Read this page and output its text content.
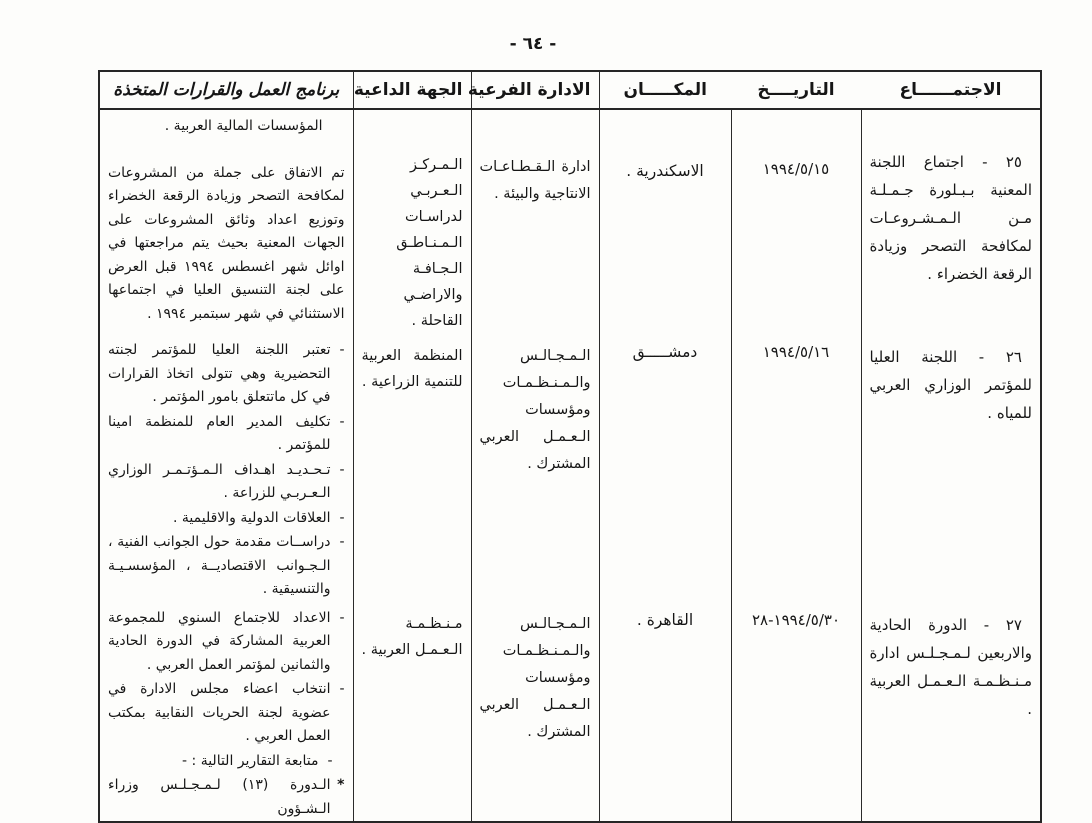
- ٦٤ -
الاجتمــــــاع	التاريــــخ	المكـــــان	الادارة الفرعية	الجهة الداعية	برنامج العمل والقرارات المتخذة

٢٥ - اجتماع اللجنة المعنية بـبـلورة جـمـلـة مـن الـمـشـروعـات لمكافحة التصحر وزيادة الرقعة الخضراء .	١٩٩٤/٥/١٥	الاسكندرية .	ادارة الـقـطـاعـات الانتاجية والبيئة .	الـمـركـز الـعـربـي لدراسـات الـمـنـاطـق الـجـافـة والاراضـي القاحلة .	المؤسسات المالية العربية .
تم الاتفاق على جملة من المشروعات لمكافحة التصحر وزيادة الرقعة الخضراء وتوزيع اعداد وثائق المشروعات على الجهات المعنية بحيث يتم مراجعتها في اوائل شهر اغسطس ١٩٩٤ قبل العرض على لجنة التنسيق العليا في اجتماعها الاستثنائي في شهر سبتمبر ١٩٩٤ .

٢٦ - اللجنة العليا للمؤتمر الوزاري العربي للمياه .

١٩٩٤/٥/١٦

دمشـــــق

الـمـجـالـس والـمـنـظـمـات ومؤسسات الـعـمـل العربي المشترك .

المنظمة العربية للتنمية الزراعية .

-
تعتبر اللجنة العليا للمؤتمر لجنته التحضيرية وهي تتولى اتخاذ القرارات في كل ماتتعلق بامور المؤتمر .
-
تكليف المدير العام للمنظمة امينا للمؤتمر .
-
تـحـديـد اهـداف الـمـؤتـمـر الوزاري الـعـربـي للزراعة .
-
العلاقات الدولية والاقليمية .
-
دراســات مقدمة حول الجوانب الفنية ، الـجـوانب الاقتصاديــة ، المؤسسـيـة والتنسيقية .

٢٧ - الدورة الحادية والاربعين لـمـجـلـس ادارة مـنـظـمـة الـعـمـل العربية .

١٩٩٤/٥/٣٠-٢٨

القاهرة .

الـمـجـالـس والـمـنـظـمـات ومؤسسات الـعـمـل العربي المشترك .

مـنـظـمـة الـعـمـل العربية .

-
الاعداد للاجتماع السنوي للمجموعة العربية المشاركة في الدورة الحادية والثمانين لمؤتمر العمل العربي .
-
انتخاب اعضاء مجلس الادارة في عضوية لجنة الحريات النقابية بمكتب العمل العربي .
-
متابعة التقارير التالية : -
*
الـدورة (١٣) لـمـجـلـس وزراء الـشـؤون
